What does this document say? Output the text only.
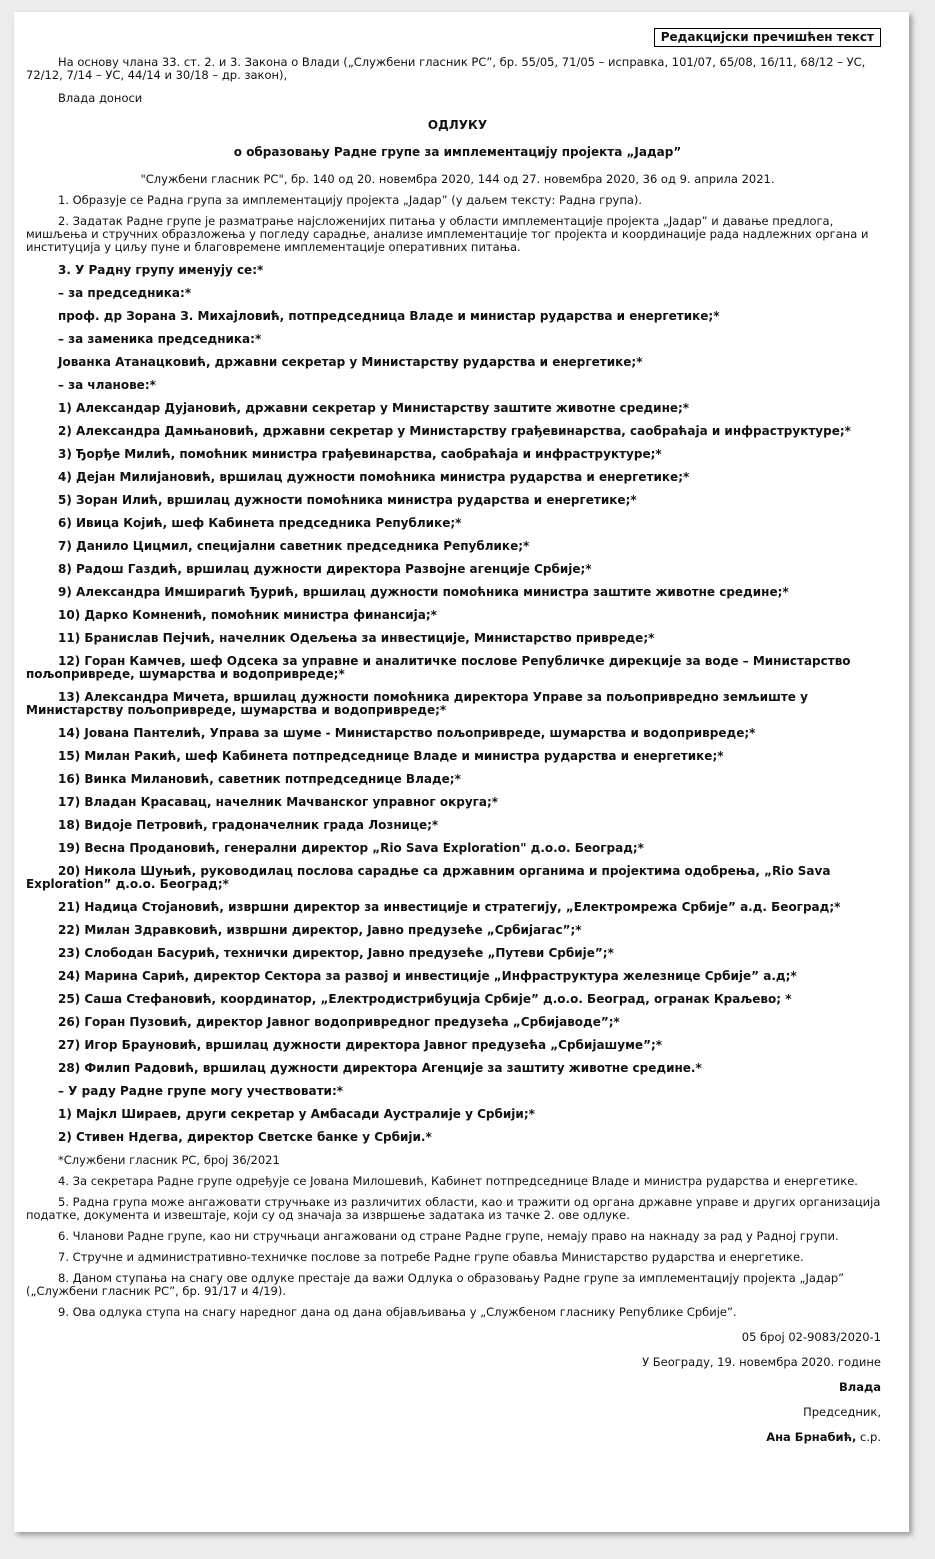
Редакцијски пречишћен текст

На основу члана 33. ст. 2. и 3. Закона о Влади („Службени гласник РС”, бр. 55/05, 71/05 – исправка, 101/07, 65/08, 16/11, 68/12 – УС, 72/12, 7/14 – УС, 44/14 и 30/18 – др. закон),

Влада доноси

ОДЛУКУ

о образовању Радне групе за имплементацију пројекта „Јадар”

"Службени гласник РС", бр. 140 од 20. новембра 2020, 144 од 27. новембра 2020, 36 од 9. априла 2021.

1. Образује се Радна група за имплементацију пројекта „Јадар” (у даљем тексту: Радна група).

2. Задатак Радне групе је разматрање најсложенијих питања у области имплементације пројекта „Јадар” и давање предлога, мишљења и стручних образложења у погледу сарадње, анализе имплементације тог пројекта и координације рада надлежних органа и институција у циљу пуне и благовремене имплементације оперативних питања.

3. У Радну групу именују се:*

– за председника:*

проф. др Зорана З. Михајловић, потпредседница Владе и министар рударства и енергетике;*

– за заменика председника:*

Јованка Атанацковић, државни секретар у Министарству рударства и енергетике;*

– за чланове:*

1) Александар Дујановић, државни секретар у Министарству заштите животне средине;*

2) Александра Дамњановић, државни секретар у Министарству грађевинарства, саобраћаја и инфраструктуре;*

3) Ђорђе Милић, помоћник министра грађевинарства, саобраћаја и инфраструктуре;*

4) Дејан Милијановић, вршилац дужности помоћника министра рударства и енергетике;*

5) Зоран Илић, вршилац дужности помоћника министра рударства и енергетике;*

6) Ивица Којић, шеф Кабинета председника Републике;*

7) Данило Цицмил, специјални саветник председника Републике;*

8) Радош Газдић, вршилац дужности директора Развојне агенције Србије;*

9) Александра Имширагић Ђурић, вршилац дужности помоћника министра заштите животне средине;*

10) Дарко Комненић, помоћник министра финансија;*

11) Бранислав Пејчић, начелник Одељења за инвестиције, Министарство привреде;*

12) Горан Камчев, шеф Одсека за управне и аналитичке послове Републичке дирекције за воде – Министарство пољопривреде, шумарства и водопривреде;*

13) Александра Мичета, вршилац дужности помоћника директора Управе за пољопривредно земљиште у Министарству пољопривреде, шумарства и водопривреде;*

14) Јована Пантелић, Управа за шуме - Министарство пољопривреде, шумарства и водопривреде;*

15) Милан Ракић, шеф Кабинета потпредседнице Владе и министра рударства и енергетике;*

16) Винка Милановић, саветник потпредседнице Владе;*

17) Владан Красавац, начелник Мачванског управног округа;*

18) Видоје Петровић, градоначелник града Лознице;*

19) Весна Продановић, генерални директор „Rio Sava Exploration" д.о.о. Београд;*

20) Никола Шуњић, руководилац послова сарадње са државним органима и пројектима одобрења, „Rio Sava Exploration” д.о.о. Београд;*

21) Надица Стојановић, извршни директор за инвестиције и стратегију, „Електромрежа Србије” а.д. Београд;*

22) Милан Здравковић, извршни директор, Јавно предузеће „Србијагас”;*

23) Слободан Басурић, технички директор, Јавно предузеће „Путеви Србије”;*

24) Марина Сарић, директор Сектора за развој и инвестиције „Инфраструктура железнице Србије” а.д;*

25) Саша Стефановић, координатор, „Електродистрибуција Србије” д.о.о. Београд, огранак Краљево; *

26) Горан Пузовић, директор Јавног водопривредног предузећа „Србијаводе”;*

27) Игор Брауновић, вршилац дужности директора Јавног предузећа „Србијашуме”;*

28) Филип Радовић, вршилац дужности директора Агенције за заштиту животне средине.*

– У раду Радне групе могу учествовати:*

1) Мајкл Шираев, други секретар у Амбасади Аустралије у Србији;*

2) Стивен Ндегва, директор Светске банке у Србији.*

*Службени гласник РС, број 36/2021

4. За секретара Радне групе одређује се Јована Милошевић, Кабинет потпредседнице Владе и министра рударства и енергетике.

5. Радна група може ангажовати стручњаке из различитих области, као и тражити од органа државне управе и других организација податке, документа и извештаје, који су од значаја за извршење задатака из тачке 2. ове одлуке.

6. Чланови Радне групе, као ни стручњаци ангажовани од стране Радне групе, немају право на накнаду за рад у Радној групи.

7. Стручне и административно-техничке послове за потребе Радне групе обавља Министарство рударства и енергетике.

8. Даном ступања на снагу ове одлуке престаје да важи Одлука о образовању Радне групе за имплементацију пројекта „Јадар” („Службени гласник РС”, бр. 91/17 и 4/19).

9. Ова одлука ступа на снагу наредног дана од дана објављивања у „Службеном гласнику Републике Србије”.

05 број 02-9083/2020-1

У Београду, 19. новембра 2020. године

Влада

Председник,

Ана Брнабић, с.р.
